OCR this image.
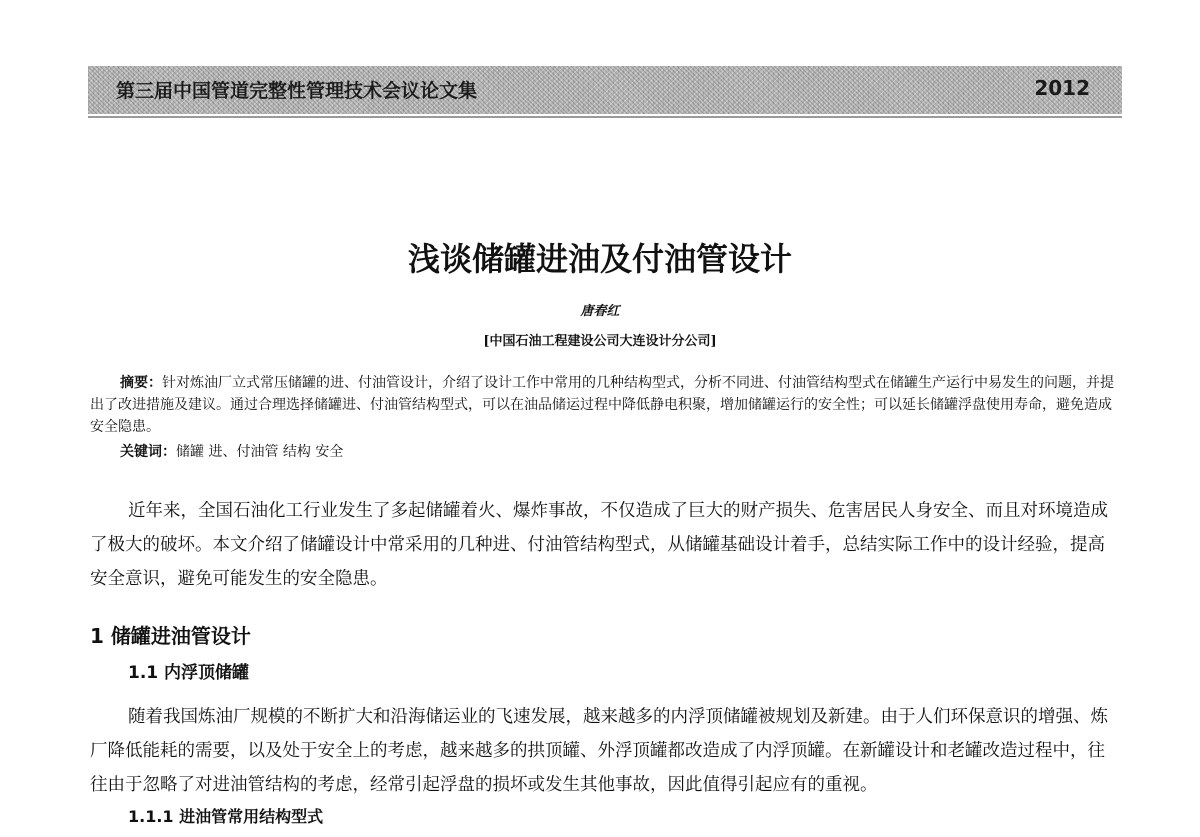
第三届中国管道完整性管理技术会议论文集	2012
浅谈储罐进油及付油管设计
唐春红
[中国石油工程建设公司大连设计分公司]

摘要：针对炼油厂立式常压储罐的进、付油管设计，介绍了设计工作中常用的几种结构型式，分析不同进、付油管结构型式在储罐生产运行中易发生的问题，并提出了改进措施及建议。通过合理选择储罐进、付油管结构型式，可以在油品储运过程中降低静电积聚，增加储罐运行的安全性；可以延长储罐浮盘使用寿命，避免造成安全隐患。

关键词：储罐 进、付油管 结构 安全

近年来，全国石油化工行业发生了多起储罐着火、爆炸事故，不仅造成了巨大的财产损失、危害居民人身安全、而且对环境造成了极大的破坏。本文介绍了储罐设计中常采用的几种进、付油管结构型式，从储罐基础设计着手，总结实际工作中的设计经验，提高安全意识，避免可能发生的安全隐患。

1 储罐进油管设计
1.1 内浮顶储罐

随着我国炼油厂规模的不断扩大和沿海储运业的飞速发展，越来越多的内浮顶储罐被规划及新建。由于人们环保意识的增强、炼厂降低能耗的需要，以及处于安全上的考虑，越来越多的拱顶罐、外浮顶罐都改造成了内浮顶罐。在新罐设计和老罐改造过程中，往往由于忽略了对进油管结构的考虑，经常引起浮盘的损坏或发生其他事故，因此值得引起应有的重视。

1.1.1 进油管常用结构型式
